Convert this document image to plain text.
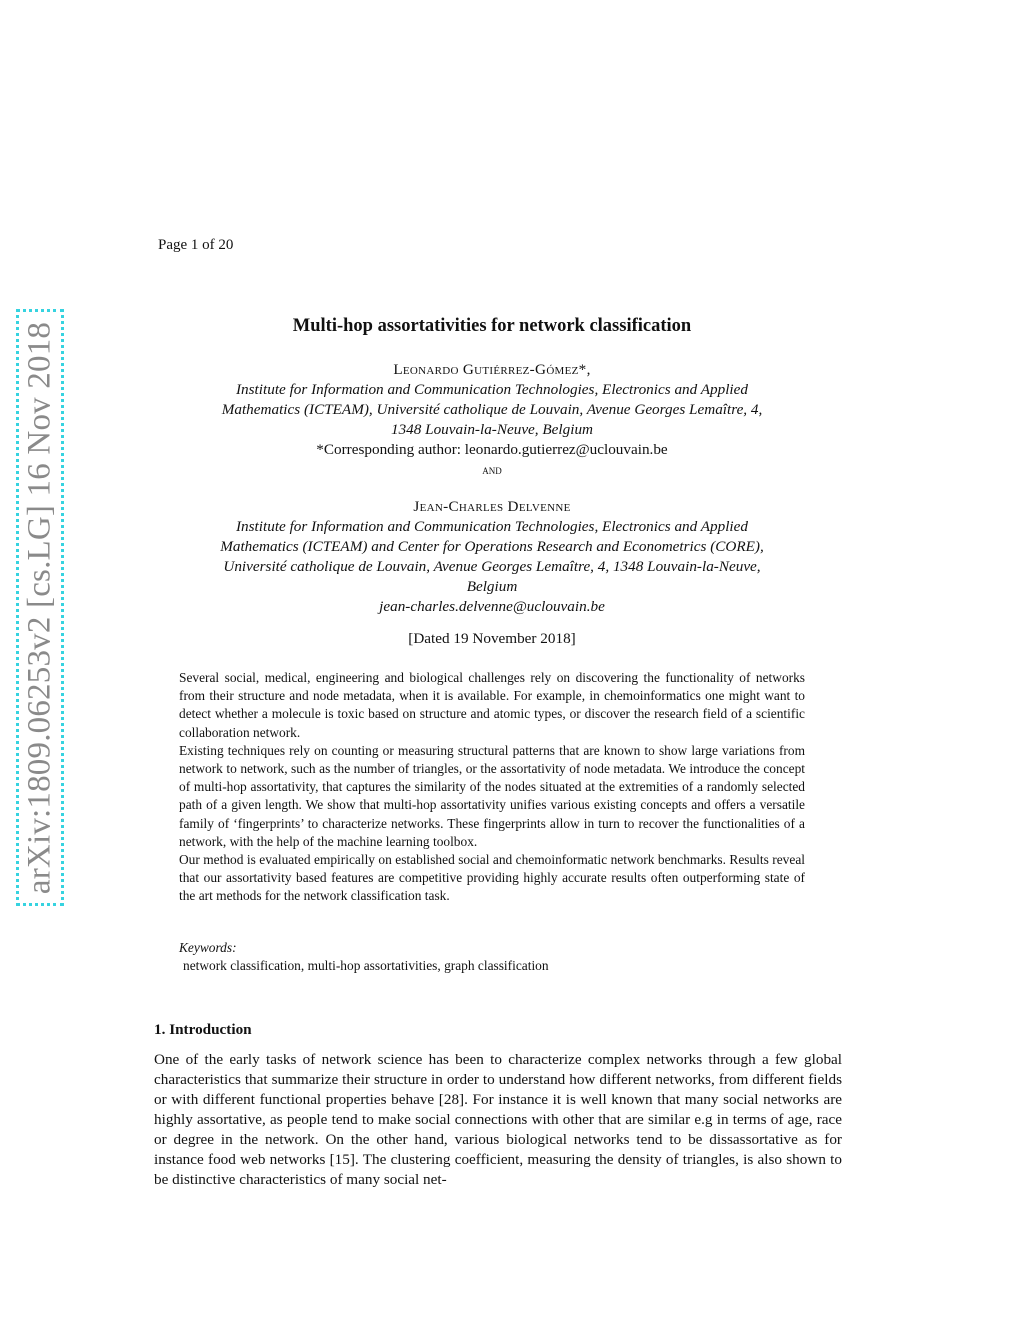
Page 1 of 20
arXiv:1809.06253v2 [cs.LG] 16 Nov 2018	Multi-hop assortativities for network classification
Leonardo Gutiérrez-Gómez*,
Institute for Information and Communication Technologies, Electronics and Applied
Mathematics (ICTEAM), Université catholique de Louvain, Avenue Georges Lemaître, 4,
1348 Louvain-la-Neuve, Belgium
*Corresponding author: leonardo.gutierrez@uclouvain.be
and
Jean-Charles Delvenne
Institute for Information and Communication Technologies, Electronics and Applied
Mathematics (ICTEAM) and Center for Operations Research and Econometrics (CORE),
Université catholique de Louvain, Avenue Georges Lemaître, 4, 1348 Louvain-la-Neuve,
Belgium
jean-charles.delvenne@uclouvain.be
[Dated 19 November 2018]

Several social, medical, engineering and biological challenges rely on discovering the functionality of networks from their structure and node metadata, when it is available. For example, in chemoinformatics one might want to detect whether a molecule is toxic based on structure and atomic types, or discover the research field of a scientific collaboration network.

Existing techniques rely on counting or measuring structural patterns that are known to show large variations from network to network, such as the number of triangles, or the assortativity of node metadata. We introduce the concept of multi-hop assortativity, that captures the similarity of the nodes situated at the extremities of a randomly selected path of a given length. We show that multi-hop assortativity unifies various existing concepts and offers a versatile family of ‘fingerprints’ to characterize networks. These fingerprints allow in turn to recover the functionalities of a network, with the help of the machine learning toolbox.

Our method is evaluated empirically on established social and chemoinformatic network benchmarks. Results reveal that our assortativity based features are competitive providing highly accurate results often outperforming state of the art methods for the network classification task.

Keywords:
network classification, multi-hop assortativities, graph classification
1. Introduction

One of the early tasks of network science has been to characterize complex networks through a few global characteristics that summarize their structure in order to understand how different networks, from different fields or with different functional properties behave [28]. For instance it is well known that many social networks are highly assortative, as people tend to make social connections with other that are similar e.g in terms of age, race or degree in the network. On the other hand, various biological networks tend to be dissassortative as for instance food web networks [15]. The clustering coefficient, measuring the density of triangles, is also shown to be distinctive characteristics of many social net-
